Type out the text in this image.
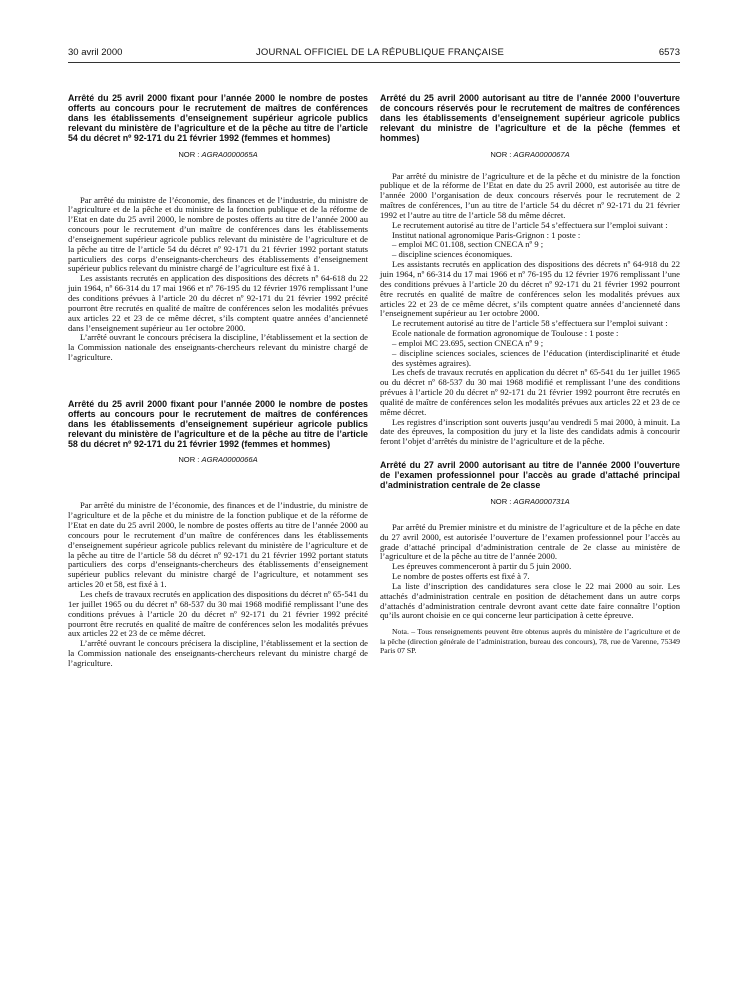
30 avril 2000	JOURNAL OFFICIEL DE LA RÉPUBLIQUE FRANÇAISE	6573

Arrêté du 25 avril 2000 fixant pour l’année 2000 le nombre de postes offerts au concours pour le recrutement de maîtres de conférences dans les établissements d’enseignement supérieur agricole publics relevant du ministère de l’agriculture et de la pêche au titre de l’article 54 du décret nº 92-171 du 21 février 1992 (femmes et hommes)

NOR : AGRA0000065A

Par arrêté du ministre de l’économie, des finances et de l’industrie, du ministre de l’agriculture et de la pêche et du ministre de la fonction publique et de la réforme de l’Etat en date du 25 avril 2000, le nombre de postes offerts au titre de l’année 2000 au concours pour le recrutement d’un maître de conférences dans les établissements d’enseignement supérieur agricole publics relevant du ministère de l’agriculture et de la pêche au titre de l’article 54 du décret nº 92-171 du 21 février 1992 portant statuts particuliers des corps d’enseignants-chercheurs des établissements d’enseignement supérieur publics relevant du ministre chargé de l’agriculture est fixé à 1.

Les assistants recrutés en application des dispositions des décrets nº 64-618 du 22 juin 1964, nº 66-314 du 17 mai 1966 et nº 76-195 du 12 février 1976 remplissant l’une des conditions prévues à l’article 20 du décret nº 92-171 du 21 février 1992 précité pourront être recrutés en qualité de maître de conférences selon les modalités prévues aux articles 22 et 23 de ce même décret, s’ils comptent quatre années d’ancienneté dans l’enseignement supérieur au 1er octobre 2000.

L’arrêté ouvrant le concours précisera la discipline, l’établissement et la section de la Commission nationale des enseignants-chercheurs relevant du ministre chargé de l’agriculture.

Arrêté du 25 avril 2000 fixant pour l’année 2000 le nombre de postes offerts au concours pour le recrutement de maîtres de conférences dans les établissements d’enseignement supérieur agricole publics relevant du ministère de l’agriculture et de la pêche au titre de l’article 58 du décret nº 92-171 du 21 février 1992 (femmes et hommes)

NOR : AGRA0000066A

Par arrêté du ministre de l’économie, des finances et de l’industrie, du ministre de l’agriculture et de la pêche et du ministre de la fonction publique et de la réforme de l’Etat en date du 25 avril 2000, le nombre de postes offerts au titre de l’année 2000 au concours pour le recrutement d’un maître de conférences dans les établissements d’enseignement supérieur agricole publics relevant du ministère de l’agriculture et de la pêche au titre de l’article 58 du décret nº 92-171 du 21 février 1992 portant statuts particuliers des corps d’enseignants-chercheurs des établissements d’enseignement supérieur publics relevant du ministre chargé de l’agriculture, et notamment ses articles 20 et 58, est fixé à 1.

Les chefs de travaux recrutés en application des dispositions du décret nº 65-541 du 1er juillet 1965 ou du décret nº 68-537 du 30 mai 1968 modifié remplissant l’une des conditions prévues à l’article 20 du décret nº 92-171 du 21 février 1992 précité pourront être recrutés en qualité de maître de conférences selon les modalités prévues aux articles 22 et 23 de ce même décret.

L’arrêté ouvrant le concours précisera la discipline, l’établissement et la section de la Commission nationale des enseignants-chercheurs relevant du ministre chargé de l’agriculture.

Arrêté du 25 avril 2000 autorisant au titre de l’année 2000 l’ouverture de concours réservés pour le recrutement de maîtres de conférences dans les établissements d’enseignement supérieur agricole publics relevant du ministre de l’agriculture et de la pêche (femmes et hommes)

NOR : AGRA0000067A

Par arrêté du ministre de l’agriculture et de la pêche et du ministre de la fonction publique et de la réforme de l’Etat en date du 25 avril 2000, est autorisée au titre de l’année 2000 l’organisation de deux concours réservés pour le recrutement de 2 maîtres de conférences, l’un au titre de l’article 54 du décret nº 92-171 du 21 février 1992 et l’autre au titre de l’article 58 du même décret.

Le recrutement autorisé au titre de l’article 54 s’effectuera sur l’emploi suivant :

Institut national agronomique Paris-Grignon : 1 poste :

– emploi MC 01.108, section CNECA nº 9 ;

– discipline sciences économiques.

Les assistants recrutés en application des dispositions des décrets nº 64-918 du 22 juin 1964, nº 66-314 du 17 mai 1966 et nº 76-195 du 12 février 1976 remplissant l’une des conditions prévues à l’article 20 du décret nº 92-171 du 21 février 1992 pourront être recrutés en qualité de maître de conférences selon les modalités prévues aux articles 22 et 23 de ce même décret, s’ils comptent quatre années d’ancienneté dans l’enseignement supérieur au 1er octobre 2000.

Le recrutement autorisé au titre de l’article 58 s’effectuera sur l’emploi suivant :

Ecole nationale de formation agronomique de Toulouse : 1 poste :

– emploi MC 23.695, section CNECA nº 9 ;

– discipline sciences sociales, sciences de l’éducation (interdisciplinarité et étude des systèmes agraires).

Les chefs de travaux recrutés en application du décret nº 65-541 du 1er juillet 1965 ou du décret nº 68-537 du 30 mai 1968 modifié et remplissant l’une des conditions prévues à l’article 20 du décret nº 92-171 du 21 février 1992 pourront être recrutés en qualité de maître de conférences selon les modalités prévues aux articles 22 et 23 de ce même décret.

Les registres d’inscription sont ouverts jusqu’au vendredi 5 mai 2000, à minuit. La date des épreuves, la composition du jury et la liste des candidats admis à concourir feront l’objet d’arrêtés du ministre de l’agriculture et de la pêche.

Arrêté du 27 avril 2000 autorisant au titre de l’année 2000 l’ouverture de l’examen professionnel pour l’accès au grade d’attaché principal d’administration centrale de 2e classe

NOR : AGRA0000731A

Par arrêté du Premier ministre et du ministre de l’agriculture et de la pêche en date du 27 avril 2000, est autorisée l’ouverture de l’examen professionnel pour l’accès au grade d’attaché principal d’administration centrale de 2e classe au ministère de l’agriculture et de la pêche au titre de l’année 2000.

Les épreuves commenceront à partir du 5 juin 2000.

Le nombre de postes offerts est fixé à 7.

La liste d’inscription des candidatures sera close le 22 mai 2000 au soir. Les attachés d’administration centrale en position de détachement dans un autre corps d’attachés d’administration centrale devront avant cette date faire connaître l’option qu’ils auront choisie en ce qui concerne leur participation à cette épreuve.

Nota. – Tous renseignements peuvent être obtenus auprès du ministère de l’agriculture et de la pêche (direction générale de l’administration, bureau des concours), 78, rue de Varenne, 75349 Paris 07 SP.
